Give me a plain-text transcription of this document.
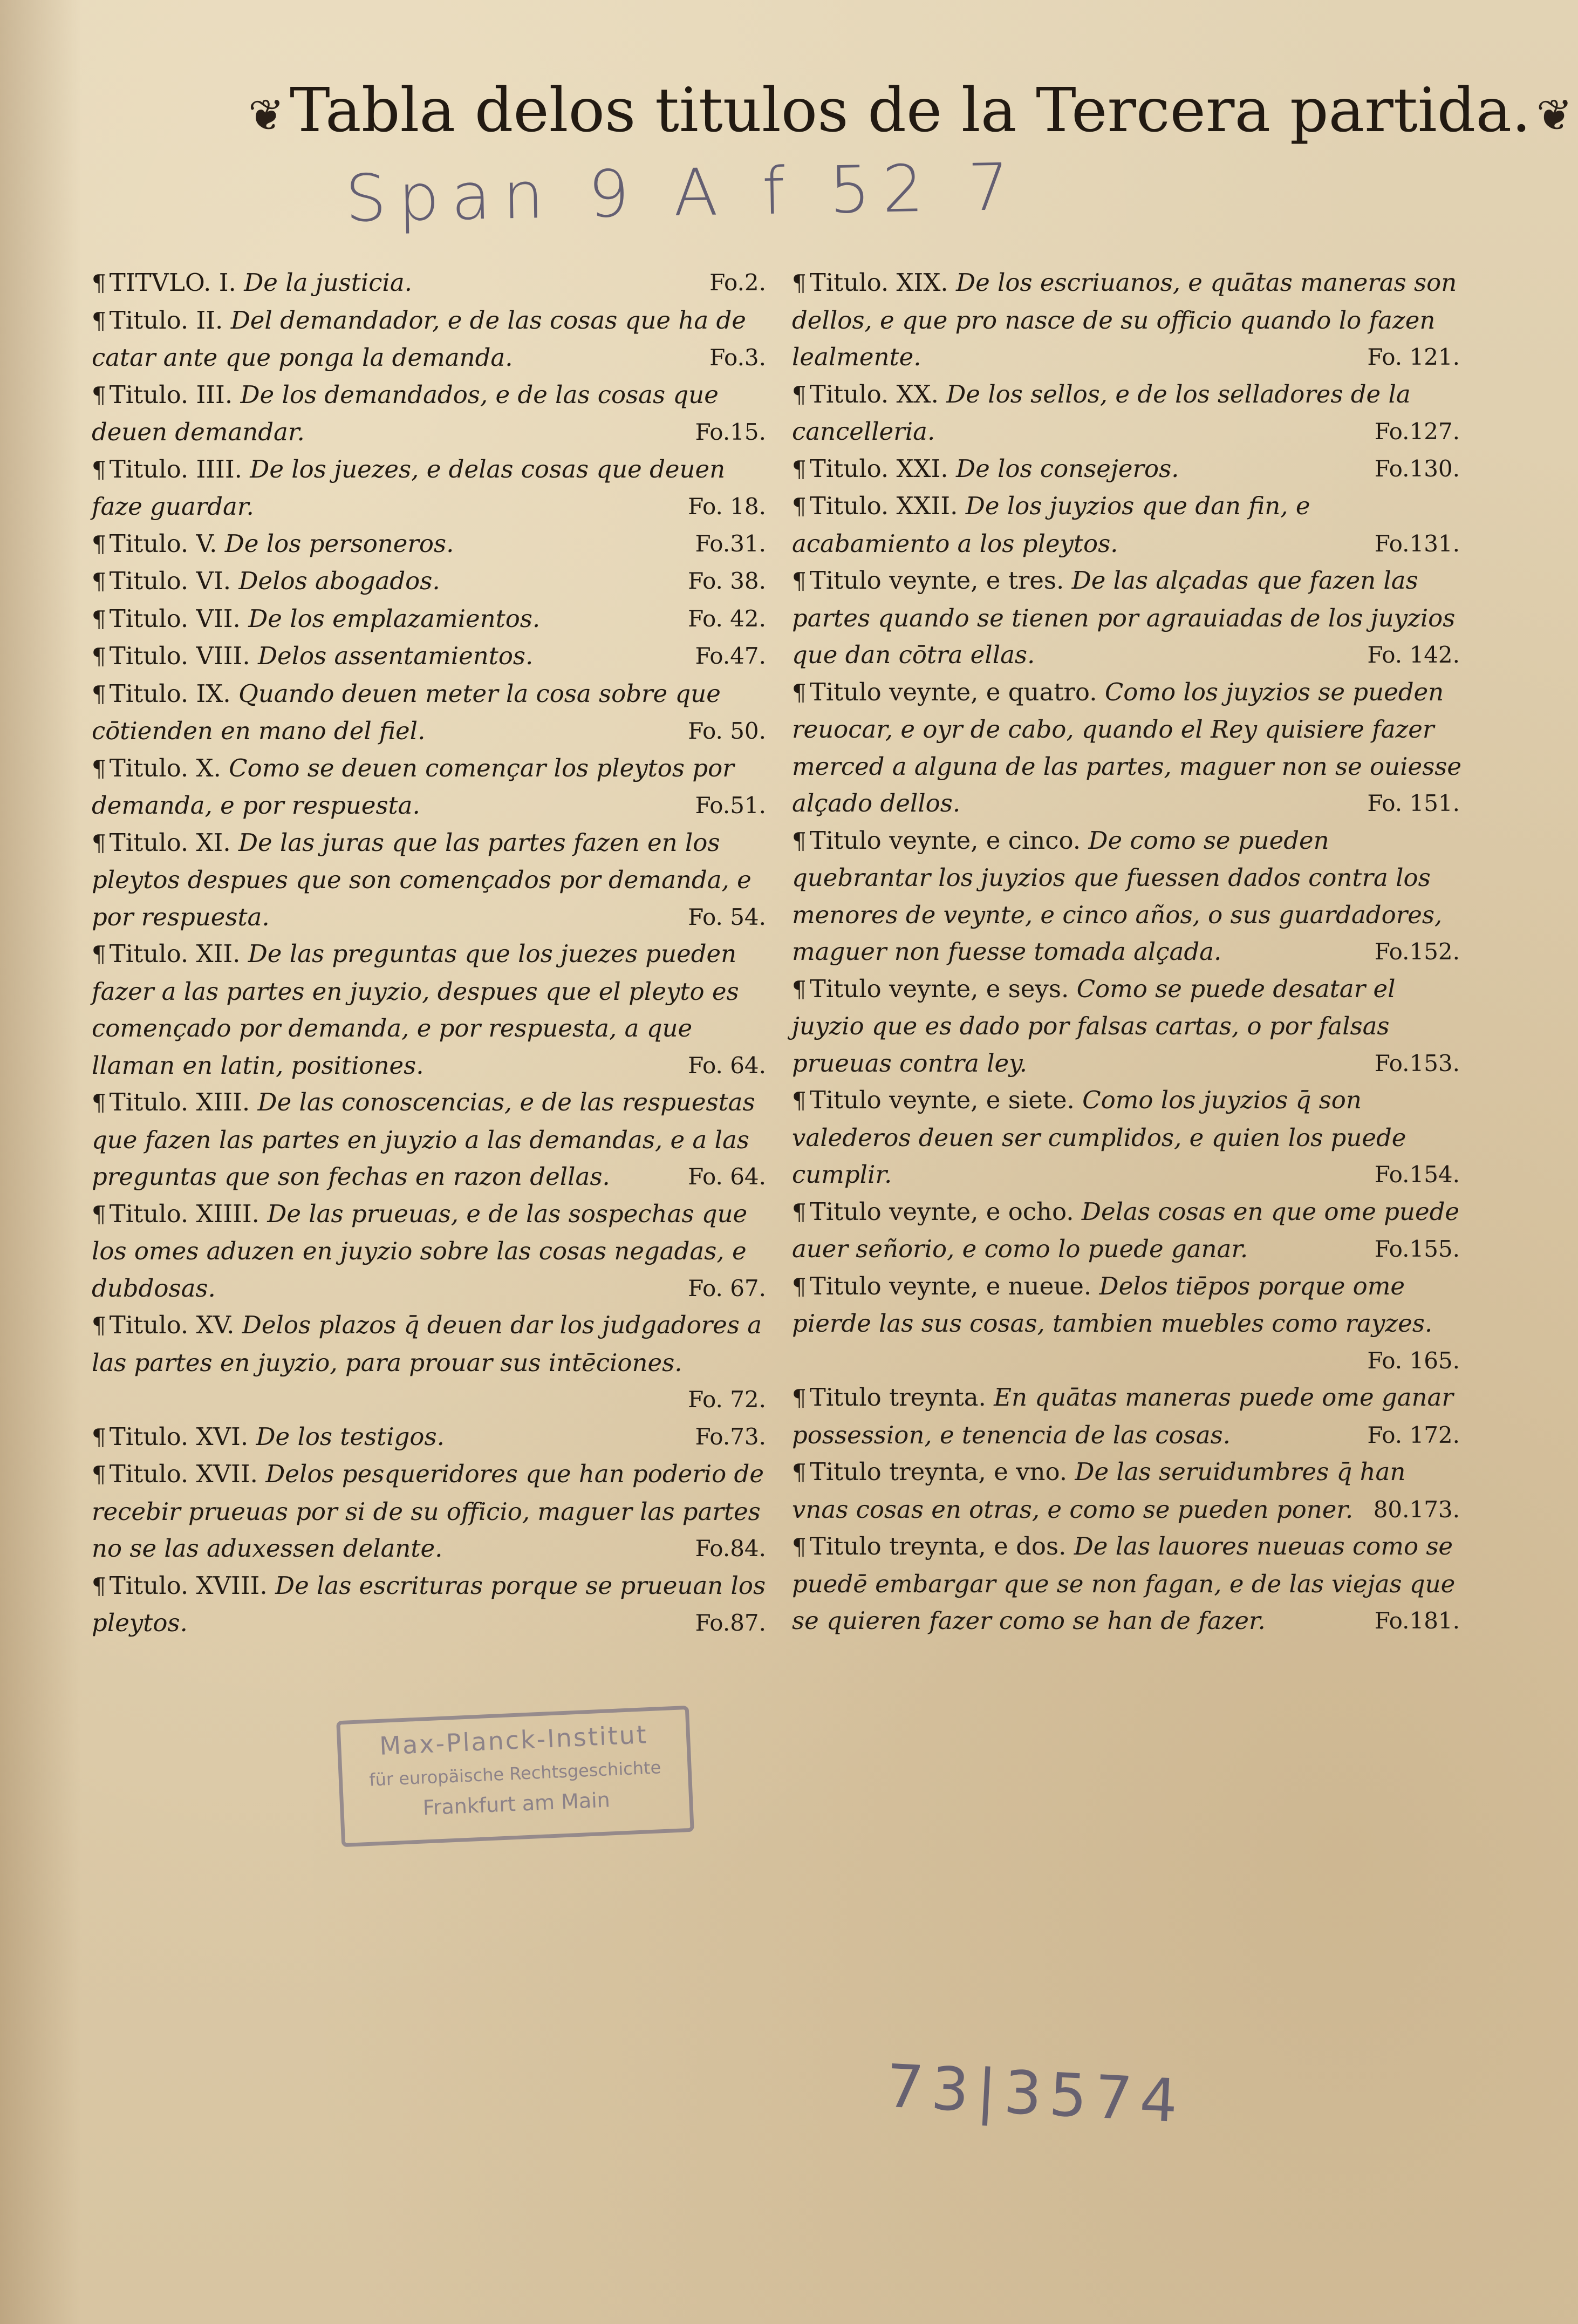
❦Tabla delos titulos de la Tercera partida. ❦
Span 9 A f 52 7

¶ TITVLO. I. De la justicia.	Fo.2.

¶ Titulo. II. Del demandador, e de las cosas que ha de catar ante que ponga la demanda.	Fo.3.

¶ Titulo. III. De los demandados, e de las cosas que deuen demandar.	Fo.15.

¶ Titulo. IIII. De los juezes, e delas cosas que deuen faze guardar.	Fo. 18.

¶ Titulo. V. De los personeros.	Fo.31.

¶ Titulo. VI. Delos abogados.	Fo. 38.

¶ Titulo. VII. De los emplazamientos.	Fo. 42.

¶ Titulo. VIII. Delos assentamientos.	Fo.47.

¶ Titulo. IX. Quando deuen meter la cosa sobre que cōtienden en mano del fiel.	Fo. 50.

¶ Titulo. X. Como se deuen començar los pleytos por demanda, e por respuesta.	Fo.51.

¶ Titulo. XI. De las juras que las partes fazen en los pleytos despues que son començados por demanda, e por respuesta.	Fo. 54.

¶ Titulo. XII. De las preguntas que los juezes pueden fazer a las partes en juyzio, despues que el pleyto es començado por demanda, e por respuesta, a que llaman en latin, positiones.	Fo. 64.

¶ Titulo. XIII. De las conoscencias, e de las respuestas que fazen las partes en juyzio a las demandas, e a las preguntas que son fechas en razon dellas.	Fo. 64.

¶ Titulo. XIIII. De las prueuas, e de las sospechas que los omes aduzen en juyzio sobre las cosas negadas, e dubdosas.	Fo. 67.

¶ Titulo. XV. Delos plazos q̄ deuen dar los judgadores a las partes en juyzio, para prouar sus intēciones.
Fo. 72.

¶ Titulo. XVI. De los testigos.	Fo.73.

¶ Titulo. XVII. Delos pesqueridores que han poderio de recebir prueuas por si de su officio, maguer las partes no se las aduxessen delante.	Fo.84.

¶ Titulo. XVIII. De las escrituras porque se prueuan los pleytos.	Fo.87.

¶ Titulo. XIX. De los escriuanos, e quātas maneras son dellos, e que pro nasce de su officio quando lo fazen lealmente.	Fo. 121.

¶ Titulo. XX. De los sellos, e de los selladores de la cancelleria.	Fo.127.

¶ Titulo. XXI. De los consejeros.	Fo.130.

¶ Titulo. XXII. De los juyzios que dan fin, e acabamiento a los pleytos.	Fo.131.

¶ Titulo veynte, e tres. De las alçadas que fazen las partes quando se tienen por agrauiadas de los juyzios que dan cōtra ellas.	Fo. 142.

¶ Titulo veynte, e quatro. Como los juyzios se pueden reuocar, e oyr de cabo, quando el Rey quisiere fazer merced a alguna de las partes, maguer non se ouiesse alçado dellos.	Fo. 151.

¶ Titulo veynte, e cinco. De como se pueden quebrantar los juyzios que fuessen dados contra los menores de veynte, e cinco años, o sus guardadores, maguer non fuesse tomada alçada.	Fo.152.

¶ Titulo veynte, e seys. Como se puede desatar el juyzio que es dado por falsas cartas, o por falsas prueuas contra ley.	Fo.153.

¶ Titulo veynte, e siete. Como los juyzios q̄ son valederos deuen ser cumplidos, e quien los puede cumplir.	Fo.154.

¶ Titulo veynte, e ocho. Delas cosas en que ome puede auer señorio, e como lo puede ganar.	Fo.155.

¶ Titulo veynte, e nueue. Delos tiēpos porque ome pierde las sus cosas, tambien muebles como rayzes.
Fo. 165.

¶ Titulo treynta. En quātas maneras puede ome ganar possession, e tenencia de las cosas.	Fo. 172.

¶ Titulo treynta, e vno. De las seruidumbres q̄ han vnas cosas en otras, e como se pueden poner. 80.173.

¶ Titulo treynta, e dos. De las lauores nueuas como se puedē embargar que se non fagan, e de las viejas que se quieren fazer como se han de fazer.	Fo.181.

Max-Planck-Institut
für europäische Rechtsgeschichte
Frankfurt am Main
73|3574
